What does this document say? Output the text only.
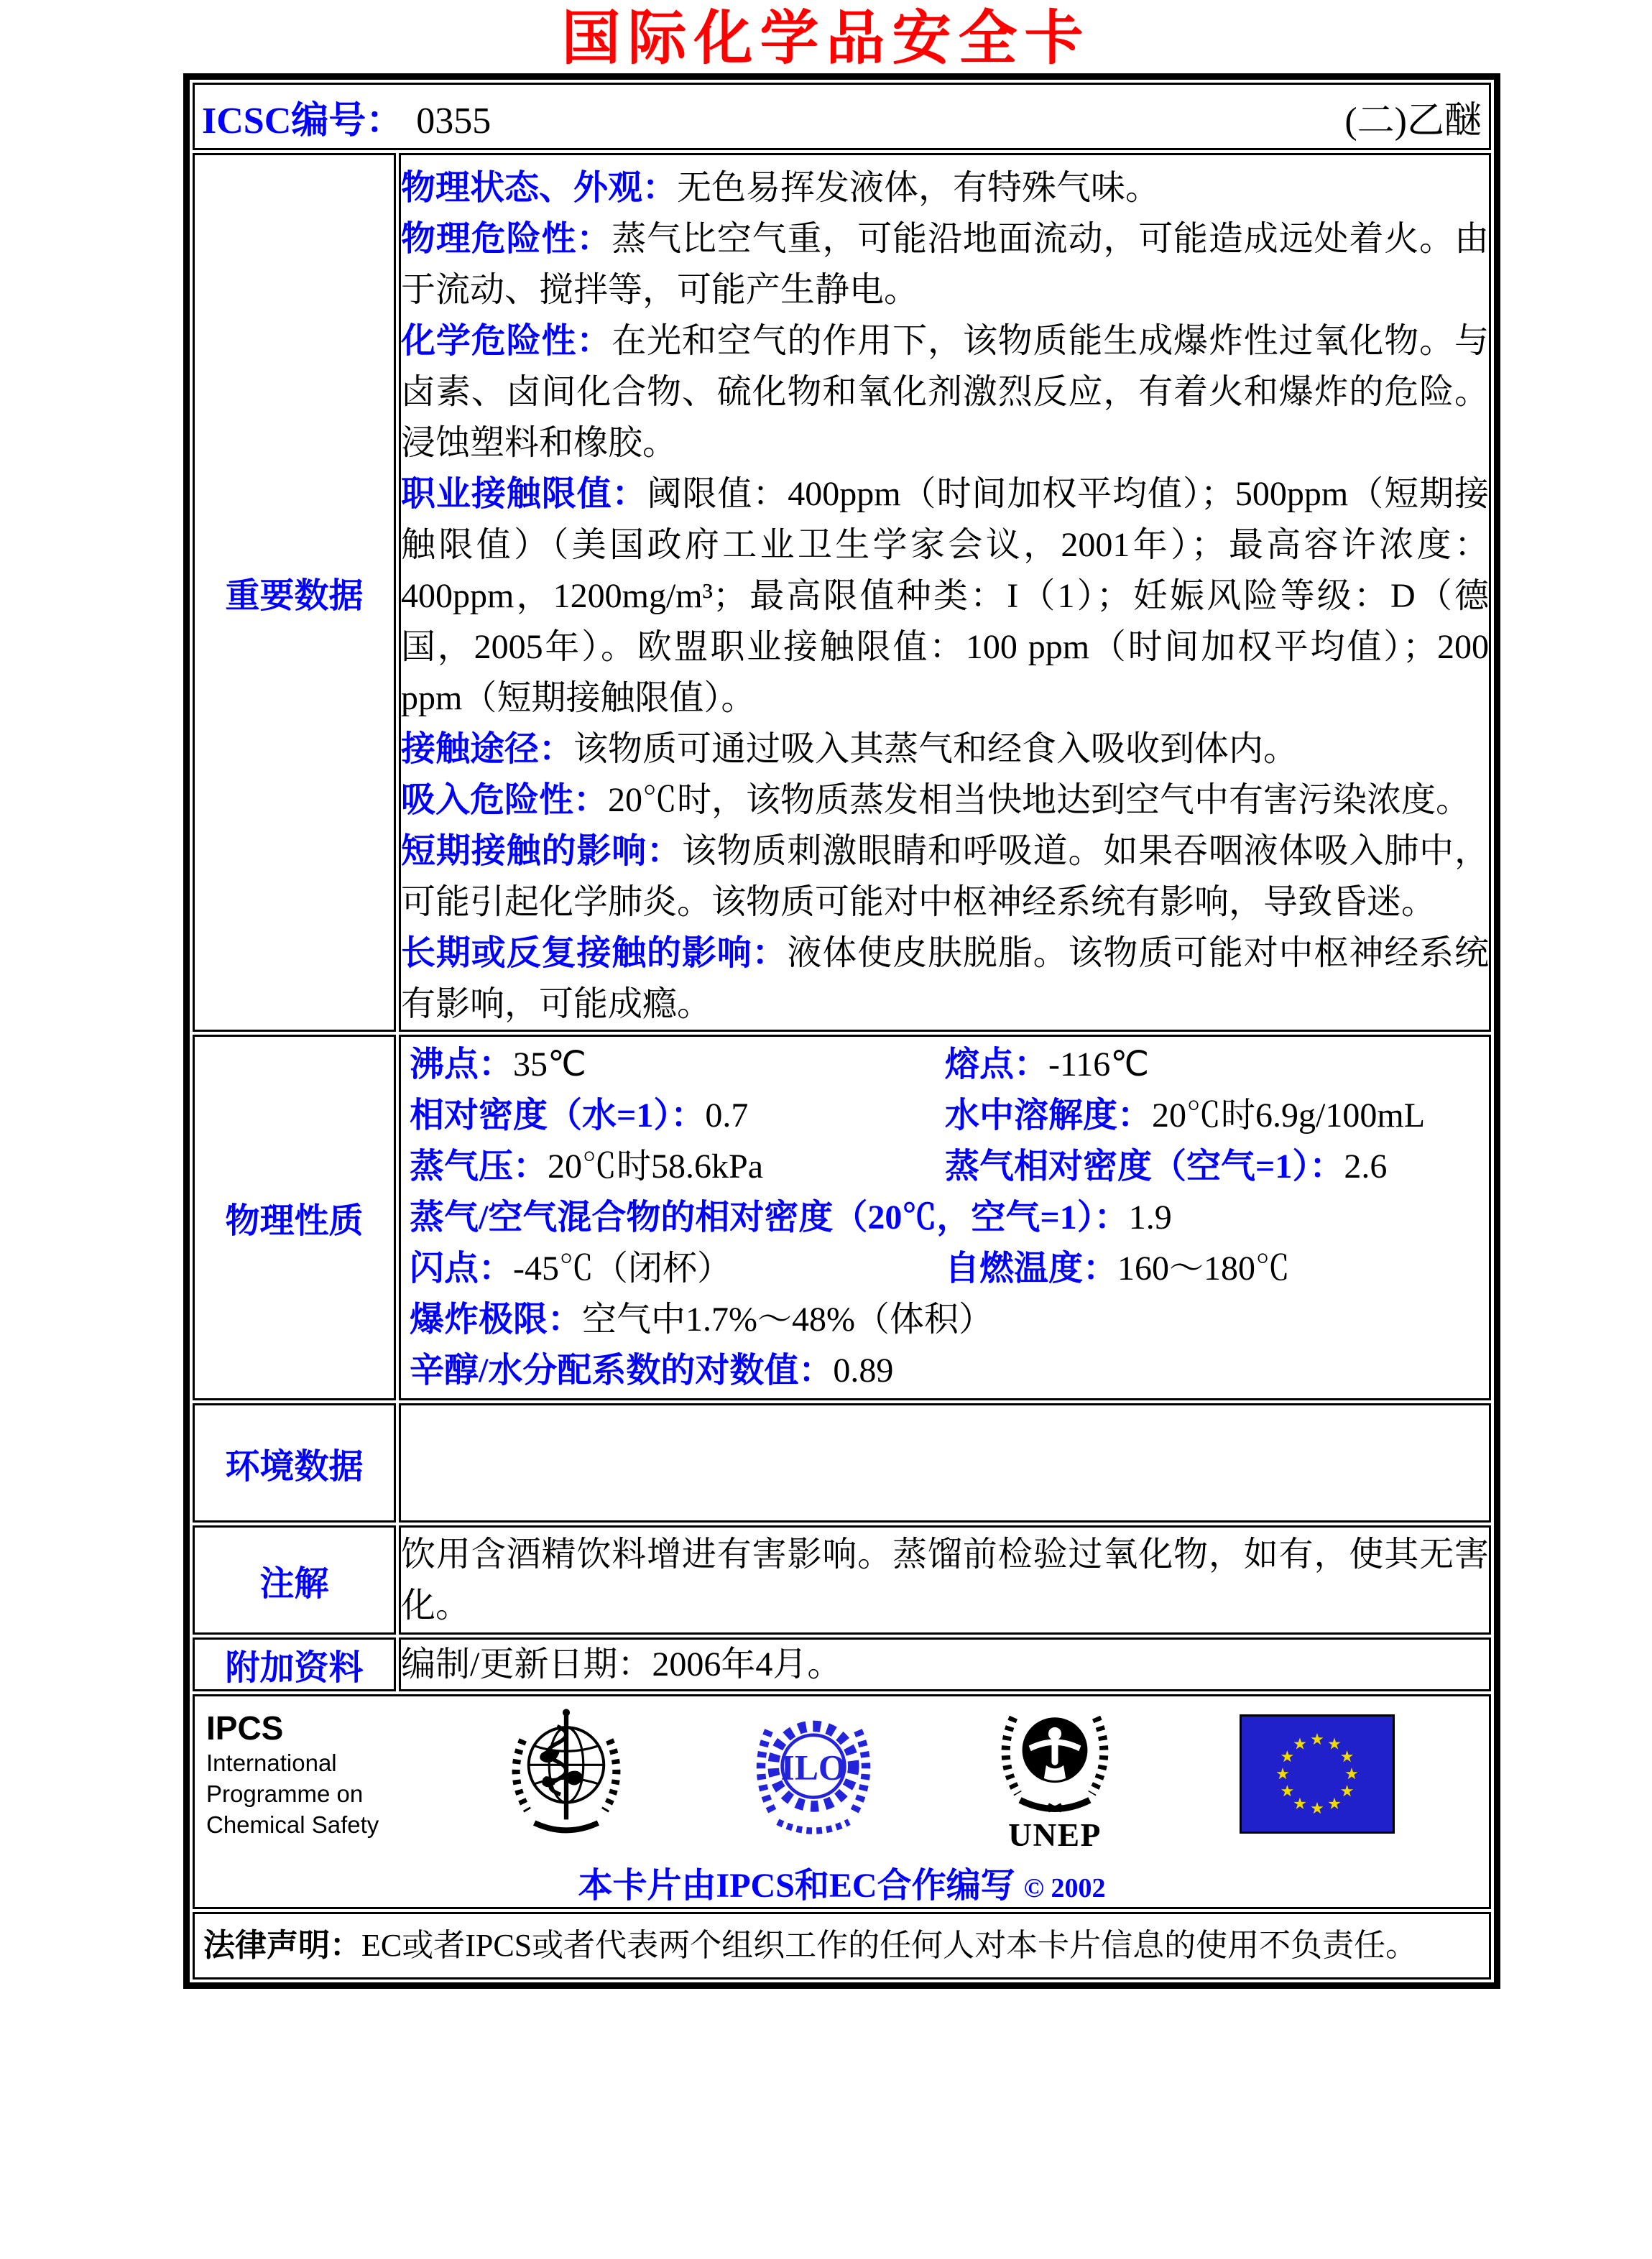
国际化学品安全卡
ICSC编号： 0355 (二)乙醚	

重要数据	

物理状态、外观：无色易挥发液体，有特殊气味。

物理危险性：蒸气比空气重，可能沿地面流动，可能造成远处着火。由于流动、搅拌等，可能产生静电。

化学危险性：在光和空气的作用下，该物质能生成爆炸性过氧化物。与卤素、卤间化合物、硫化物和氧化剂激烈反应，有着火和爆炸的危险。浸蚀塑料和橡胶。

职业接触限值：阈限值：400ppm（时间加权平均值）；500ppm（短期接触限值）（美国政府工业卫生学家会议，2001年）；最高容许浓度：400ppm，1200mg/m³；最高限值种类：I（1）；妊娠风险等级：D（德国，2005年）。欧盟职业接触限值：100 ppm（时间加权平均值）；200 ppm（短期接触限值）。

接触途径：该物质可通过吸入其蒸气和经食入吸收到体内。

吸入危险性：20℃时，该物质蒸发相当快地达到空气中有害污染浓度。

短期接触的影响：该物质刺激眼睛和呼吸道。如果吞咽液体吸入肺中，可能引起化学肺炎。该物质可能对中枢神经系统有影响，导致昏迷。

长期或反复接触的影响：液体使皮肤脱脂。该物质可能对中枢神经系统有影响，可能成瘾。

物理性质	
沸点：35℃	熔点：-116℃
相对密度（水=1）：0.7	水中溶解度：20℃时6.9g/100mL
蒸气压：20℃时58.6kPa	蒸气相对密度（空气=1）：2.6
蒸气/空气混合物的相对密度（20℃，空气=1）：1.9
闪点：-45℃（闭杯）	自燃温度：160～180℃
爆炸极限：空气中1.7%～48%（体积）
辛醇/水分配系数的对数值：0.89

环境数据	
注解	饮用含酒精饮料增进有害影响。蒸馏前检验过氧化物，如有，使其无害化。
附加资料	编制/更新日期：2006年4月。

IPCS
International
Programme on
Chemical Safety
ILO
UNEP
本卡片由IPCS和EC合作编写 © 2002

法律声明：EC或者IPCS或者代表两个组织工作的任何人对本卡片信息的使用不负责任。	
